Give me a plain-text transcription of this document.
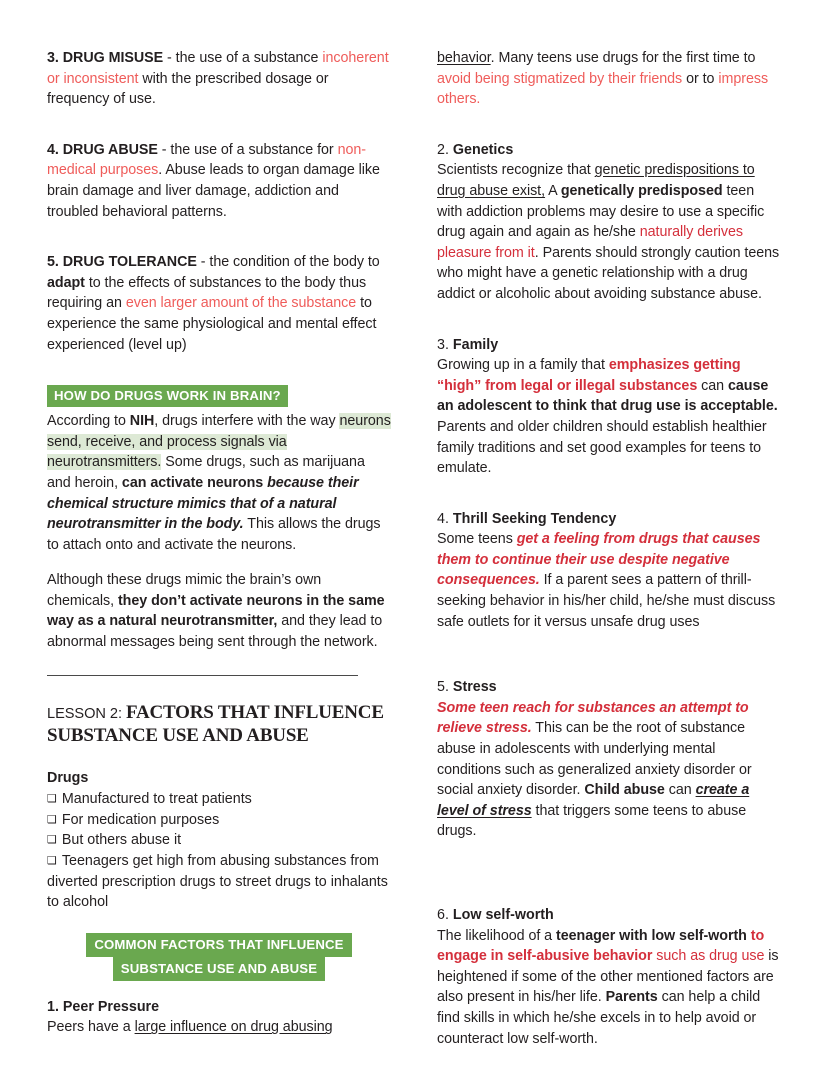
3. DRUG MISUSE - the use of a substance incoherent or inconsistent with the prescribed dosage or frequency of use.

4. DRUG ABUSE - the use of a substance for non-medical purposes. Abuse leads to organ damage like brain damage and liver damage, addiction and troubled behavioral patterns.

5. DRUG TOLERANCE - the condition of the body to adapt to the effects of substances to the body thus requiring an even larger amount of the substance to experience the same physiological and mental effect experienced (level up)

HOW DO DRUGS WORK IN BRAIN?

According to NIH, drugs interfere with the way neurons send, receive, and process signals via neurotransmitters. Some drugs, such as marijuana and heroin, can activate neurons because their chemical structure mimics that of a natural neurotransmitter in the body. This allows the drugs to attach onto and activate the neurons.

Although these drugs mimic the brain’s own chemicals, they don’t activate neurons in the same way as a natural neurotransmitter, and they lead to abnormal messages being sent through the network.

LESSON 2: FACTORS THAT INFLUENCE SUBSTANCE USE AND ABUSE

Drugs
❑ Manufactured to treat patients
❑ For medication purposes
❑ But others abuse it
❑ Teenagers get high from abusing substances from diverted prescription drugs to street drugs to inhalants to alcohol
COMMON FACTORS THAT INFLUENCE
SUBSTANCE USE AND ABUSE
1. Peer Pressure

Peers have a large influence on drug abusing

behavior. Many teens use drugs for the first time to avoid being stigmatized by their friends or to impress others.

2. Genetics

Scientists recognize that genetic predispositions to drug abuse exist, A genetically predisposed teen with addiction problems may desire to use a specific drug again and again as he/she naturally derives pleasure from it. Parents should strongly caution teens who might have a genetic relationship with a drug addict or alcoholic about avoiding substance abuse.

3. Family

Growing up in a family that emphasizes getting “high” from legal or illegal substances can cause an adolescent to think that drug use is acceptable. Parents and older children should establish healthier family traditions and set good examples for teens to emulate.

4. Thrill Seeking Tendency

Some teens get a feeling from drugs that causes them to continue their use despite negative consequences. If a parent sees a pattern of thrill-seeking behavior in his/her child, he/she must discuss safe outlets for it versus unsafe drug uses

5. Stress

Some teen reach for substances an attempt to relieve stress. This can be the root of substance abuse in adolescents with underlying mental conditions such as generalized anxiety disorder or social anxiety disorder. Child abuse can create a level of stress that triggers some teens to abuse drugs.

6. Low self-worth

The likelihood of a teenager with low self-worth to engage in self-abusive behavior such as drug use is heightened if some of the other mentioned factors are also present in his/her life. Parents can help a child find skills in which he/she excels in to help avoid or counteract low self-worth.
